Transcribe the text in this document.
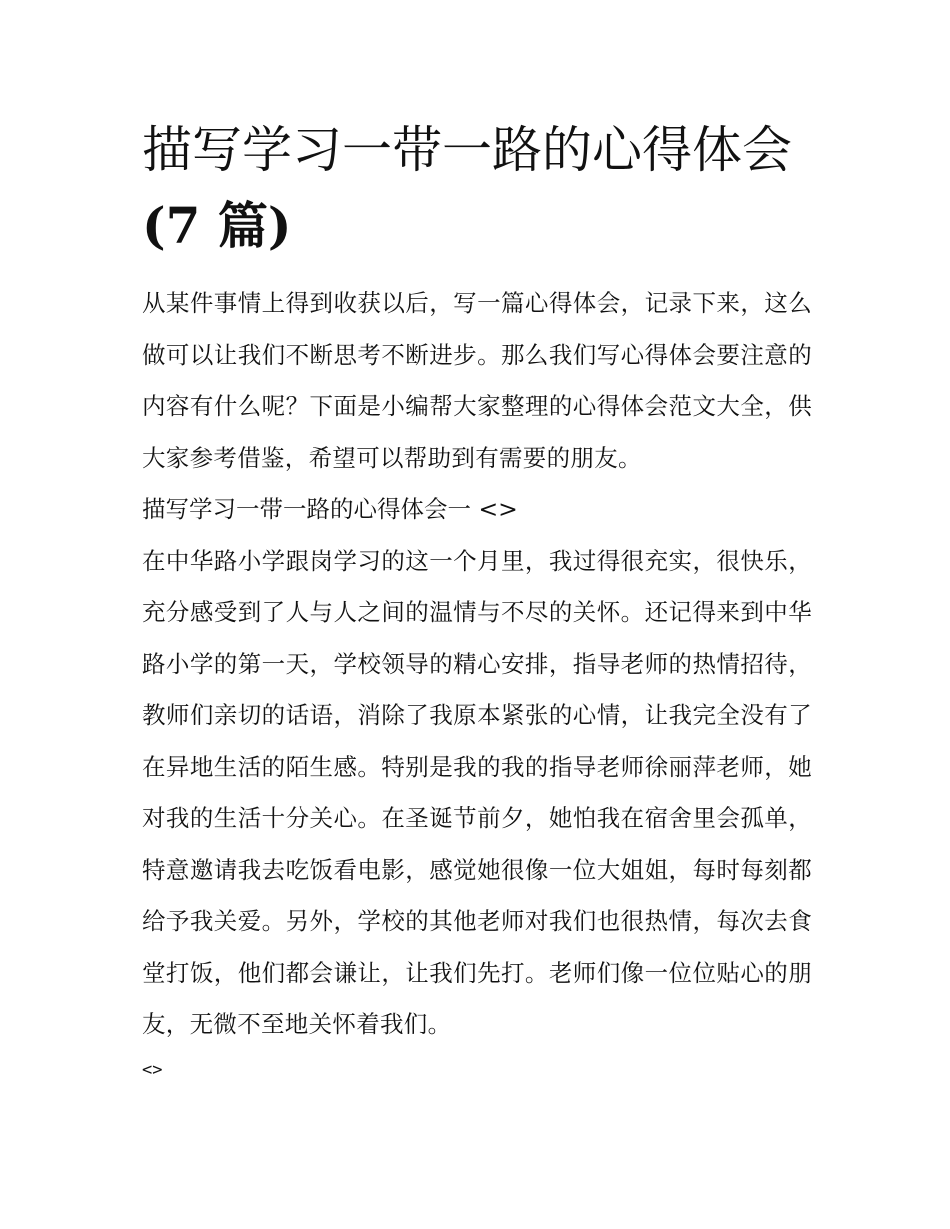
描写学习一带一路的心得体会
(7 篇)

从某件事情上得到收获以后，写一篇心得体会，记录下来，这么做可以让我们不断思考不断进步。那么我们写心得体会要注意的内容有什么呢？下面是小编帮大家整理的心得体会范文大全，供大家参考借鉴，希望可以帮助到有需要的朋友。

描写学习一带一路的心得体会一 <>

在中华路小学跟岗学习的这一个月里，我过得很充实，很快乐，充分感受到了人与人之间的温情与不尽的关怀。还记得来到中华路小学的第一天，学校领导的精心安排，指导老师的热情招待，教师们亲切的话语，消除了我原本紧张的心情，让我完全没有了在异地生活的陌生感。特别是我的我的指导老师徐丽萍老师，她对我的生活十分关心。在圣诞节前夕，她怕我在宿舍里会孤单，特意邀请我去吃饭看电影，感觉她很像一位大姐姐，每时每刻都给予我关爱。另外，学校的其他老师对我们也很热情，每次去食堂打饭，他们都会谦让，让我们先打。老师们像一位位贴心的朋友，无微不至地关怀着我们。

<>
